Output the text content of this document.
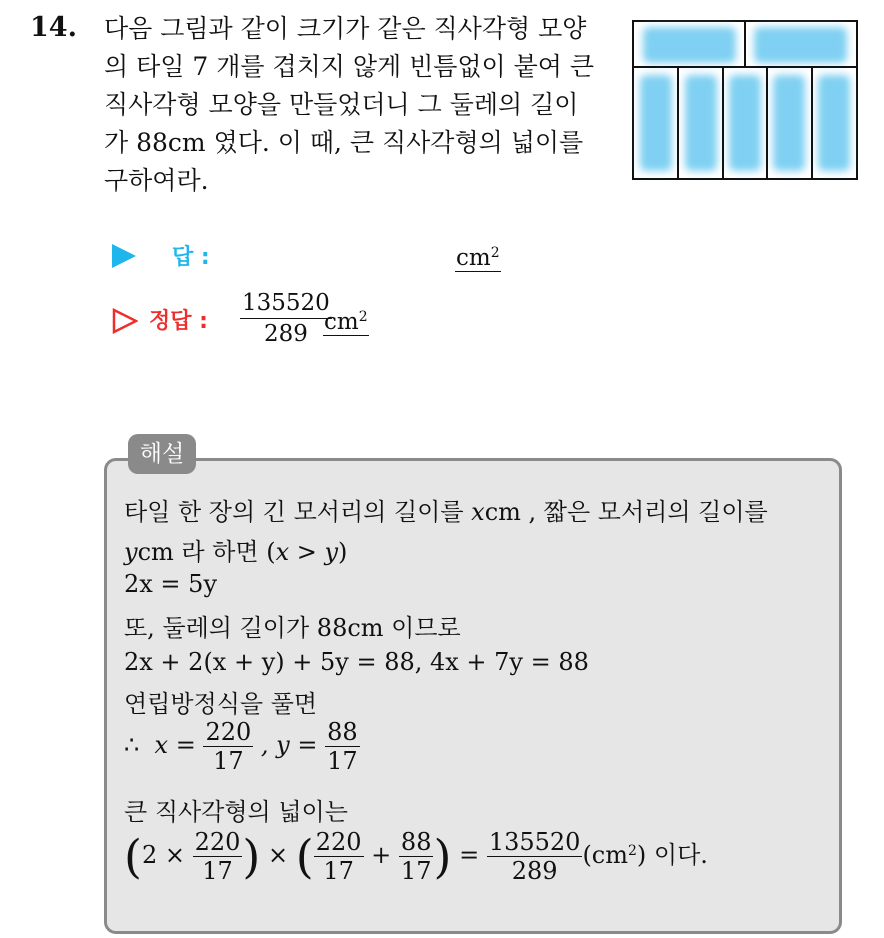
14. 다음 그림과 같이 크기가 같은 직사각형 모양
의 타일 7 개를 겹치지 않게 빈틈없이 붙여 큰
직사각형 모양을 만들었더니 그 둘레의 길이
가 88cm 였다. 이 때, 큰 직사각형의 넓이를
구하여라.
답 :	$cm^2$
정답 : $\frac{135520}{289}$
$cm^2$
해설
타일 한 장의 긴 모서리의 길이를 xcm , 짧은 모서리의 길이를
ycm 라 하면 (x > y)
2x = 5y
또, 둘레의 길이가 88cm 이므로
2x + 2(x + y) + 5y = 88, 4x + 7y = 88
연립방정식을 풀면
∴ $x = \frac{220}{17}$ , $y = \frac{88}{17}$
큰 직사각형의 넓이는
($2 \times \frac{220}{17}$ ) × ( $\frac{220}{17} + \frac{88}{17}$ ) = $\frac{135520}{289} (cm^2)$ 이다.
